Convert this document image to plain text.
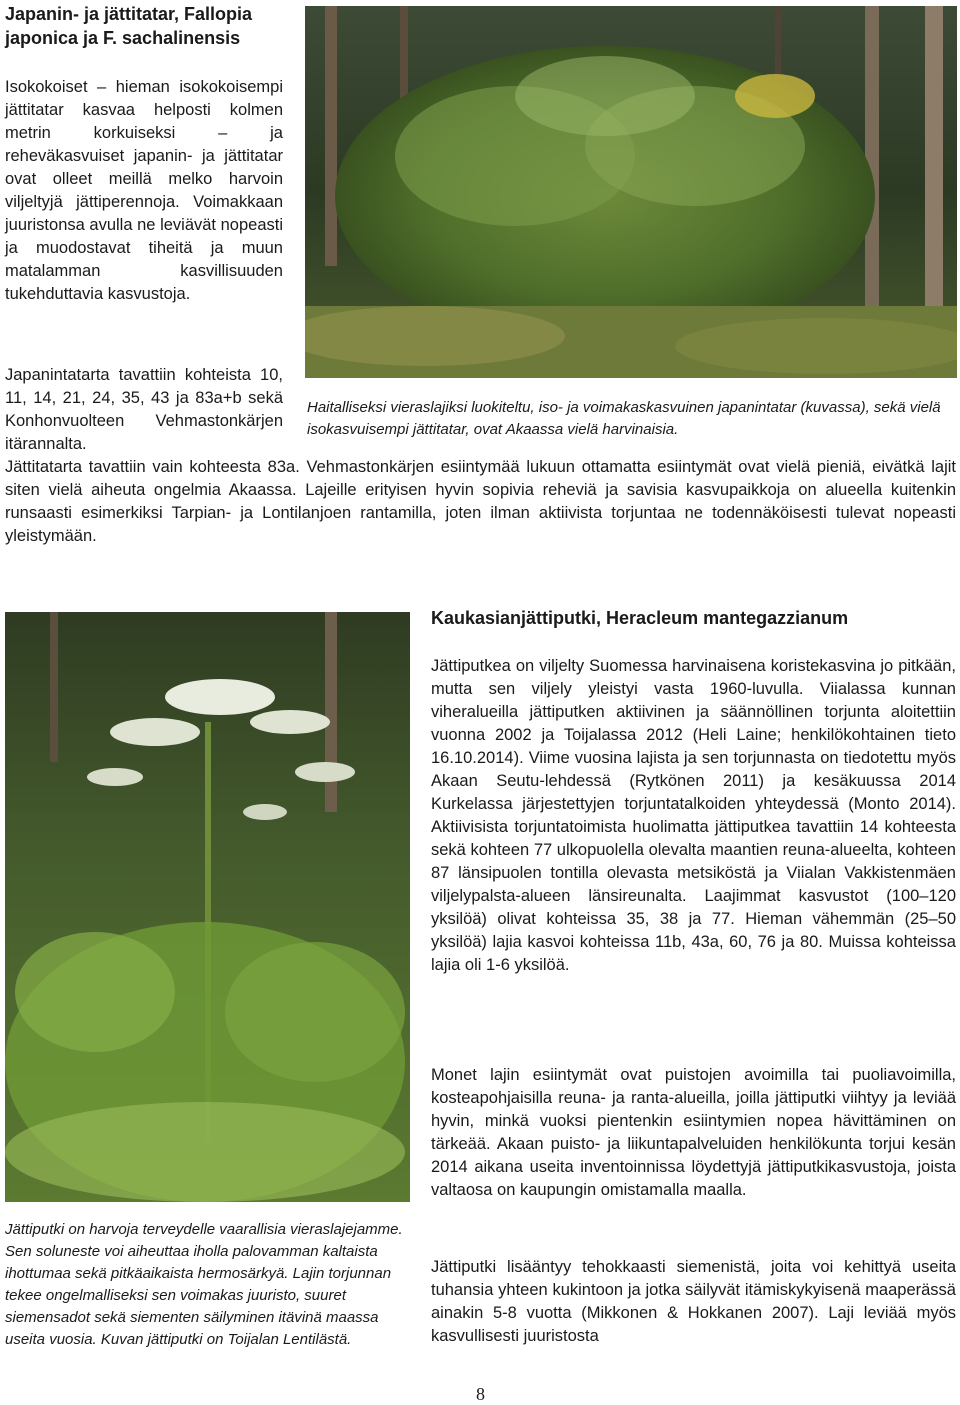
Japanin- ja jättitatar, Fallopia
japonica ja F. sachalinensis
Isokokoiset – hieman isokokoisempi jättitatar kasvaa helposti kolmen metrin korkuiseksi – ja reheväkasvuiset japanin- ja jättitatar ovat olleet meillä melko harvoin viljeltyjä jättiperennoja. Voimakkaan juuristonsa avulla ne leviävät nopeasti ja muodostavat tiheitä ja muun matalamman kasvillisuuden tukehduttavia kasvustoja.
Japanintatarta tavattiin kohteista 10, 11, 14, 21, 24, 35, 43 ja 83a+b sekä Konhonvuolteen Vehmastonkärjen itärannalta.
Haitalliseksi vieraslajiksi luokiteltu, iso- ja voimakaskasvuinen japanintatar (kuvassa), sekä vielä isokasvuisempi jättitatar, ovat Akaassa vielä harvinaisia.
Jättitatarta tavattiin vain kohteesta 83a. Vehmastonkärjen esiintymää lukuun ottamatta esiintymät ovat vielä pieniä, eivätkä lajit siten vielä aiheuta ongelmia Akaassa. Lajeille erityisen hyvin sopivia reheviä ja savisia kasvupaikkoja on alueella kuitenkin runsaasti esimerkiksi Tarpian- ja Lontilanjoen rantamilla, joten ilman aktiivista torjuntaa ne todennäköisesti tulevat nopeasti yleistymään.
Jättiputki on harvoja terveydelle vaarallisia vieraslajejamme. Sen soluneste voi aiheuttaa iholla palovamman kaltaista ihottumaa sekä pitkäaikaista hermosärkyä. Lajin torjunnan tekee ongelmalliseksi sen voimakas juuristo, suuret siemensadot sekä siementen säilyminen itävinä maassa useita vuosia. Kuvan jättiputki on Toijalan Lentilästä.
Kaukasianjättiputki, Heracleum mantegazzianum
Jättiputkea on viljelty Suomessa harvinaisena koristekasvina jo pitkään, mutta sen viljely yleistyi vasta 1960-luvulla. Viialassa kunnan viheralueilla jättiputken aktiivinen ja säännöllinen torjunta aloitettiin vuonna 2002 ja Toijalassa 2012 (Heli Laine; henkilökohtainen tieto 16.10.2014). Viime vuosina lajista ja sen torjunnasta on tiedotettu myös Akaan Seutu-lehdessä (Rytkönen 2011) ja kesäkuussa 2014 Kurkelassa järjestettyjen torjuntatalkoiden yhteydessä (Monto 2014). Aktiivisista torjuntatoimista huolimatta jättiputkea tavattiin 14 kohteesta sekä kohteen 77 ulkopuolella olevalta maantien reuna-alueelta, kohteen 87 länsipuolen tontilla olevasta metsiköstä ja Viialan Vakkistenmäen viljelypalsta-alueen länsireunalta. Laajimmat kasvustot (100–120 yksilöä) olivat kohteissa 35, 38 ja 77. Hieman vähemmän (25–50 yksilöä) lajia kasvoi kohteissa 11b, 43a, 60, 76 ja 80. Muissa kohteissa lajia oli 1-6 yksilöä.
Monet lajin esiintymät ovat puistojen avoimilla tai puoliavoimilla, kosteapohjaisilla reuna- ja ranta-alueilla, joilla jättiputki viihtyy ja leviää hyvin, minkä vuoksi pientenkin esiintymien nopea hävittäminen on tärkeää. Akaan puisto- ja liikuntapalveluiden henkilökunta torjui kesän 2014 aikana useita inventoinnissa löydettyjä jättiputkikasvustoja, joista valtaosa on kaupungin omistamalla maalla.
Jättiputki lisääntyy tehokkaasti siemenistä, joita voi kehittyä useita tuhansia yhteen kukintoon ja jotka säilyvät itämiskykyisenä maaperässä ainakin 5-8 vuotta (Mikkonen & Hokkanen 2007). Laji leviää myös kasvullisesti juuristosta
8
